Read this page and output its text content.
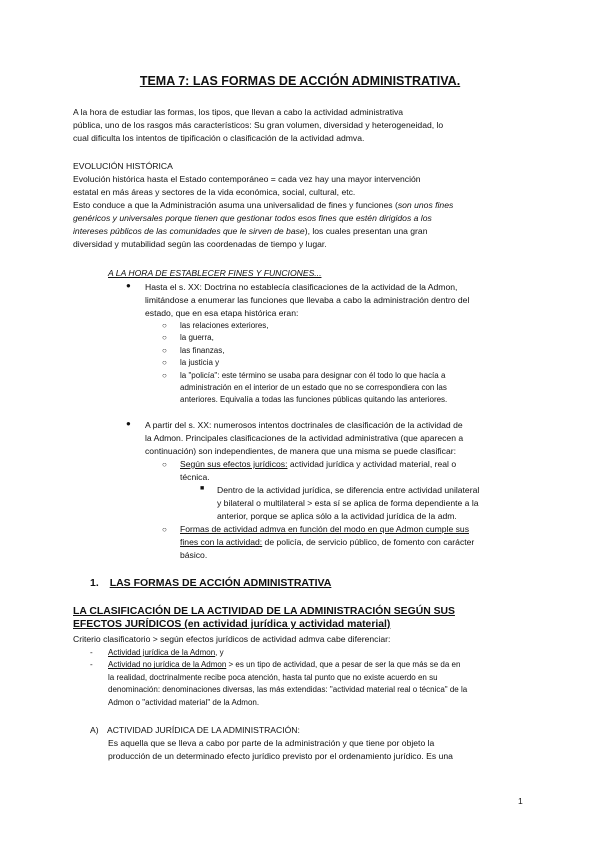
TEMA 7: LAS FORMAS DE ACCIÓN ADMINISTRATIVA.
A la hora de estudiar las formas, los tipos, que llevan a cabo la actividad administrativa
pública, uno de los rasgos más característicos: Su gran volumen, diversidad y heterogeneidad, lo
cual dificulta los intentos de tipificación o clasificación de la actividad admva.
EVOLUCIÓN HISTÓRICA
Evolución histórica hasta el Estado contemporáneo = cada vez hay una mayor intervención
estatal en más áreas y sectores de la vida económica, social, cultural, etc.
Esto conduce a que la Administración asuma una universalidad de fines y funciones (son unos fines
genéricos y universales porque tienen que gestionar todos esos fines que estén dirigidos a los
intereses públicos de las comunidades que le sirven de base), los cuales presentan una gran
diversidad y mutabilidad según las coordenadas de tiempo y lugar.
A LA HORA DE ESTABLECER FINES Y FUNCIONES...
● Hasta el s. XX: Doctrina no establecía clasificaciones de la actividad de la Admon,
limitándose a enumerar las funciones que llevaba a cabo la administración dentro del
estado, que en esa etapa histórica eran:
○ las relaciones exteriores,
○ la guerra,
○ las finanzas,
○ la justicia y
○ la "policía": este término se usaba para designar con él todo lo que hacía a
administración en el interior de un estado que no se correspondiera con las
anteriores. Equivalía a todas las funciones públicas quitando las anteriores.
● A partir del s. XX: numerosos intentos doctrinales de clasificación de la actividad de
la Admon. Principales clasificaciones de la actividad administrativa (que aparecen a
continuación) son independientes, de manera que una misma se puede clasificar:
○ Según sus efectos jurídicos: actividad jurídica y actividad material, real o
técnica.
■ Dentro de la actividad jurídica, se diferencia entre actividad unilateral
y bilateral o multilateral > esta sí se aplica de forma dependiente a la
anterior, porque se aplica sólo a la actividad jurídica de la adm.
○ Formas de actividad admva en función del modo en que Admon cumple sus
fines con la actividad: de policía, de servicio público, de fomento con carácter
básico.
1. LAS FORMAS DE ACCIÓN ADMINISTRATIVA
LA CLASIFICACIÓN DE LA ACTIVIDAD DE LA ADMINISTRACIÓN SEGÚN SUS
EFECTOS JURÍDICOS (en actividad jurídica y actividad material)
Criterio clasificatorio > según efectos jurídicos de actividad admva cabe diferenciar:
- Actividad jurídica de la Admon, y
- Actividad no jurídica de la Admon > es un tipo de actividad, que a pesar de ser la que más se da en
la realidad, doctrinalmente recibe poca atención, hasta tal punto que no existe acuerdo en su
denominación: denominaciones diversas, las más extendidas: "actividad material real o técnica" de la
Admon o "actividad material" de la Admon.
A) ACTIVIDAD JURÍDICA DE LA ADMINISTRACIÓN:
Es aquella que se lleva a cabo por parte de la administración y que tiene por objeto la
producción de un determinado efecto jurídico previsto por el ordenamiento jurídico. Es una
1
